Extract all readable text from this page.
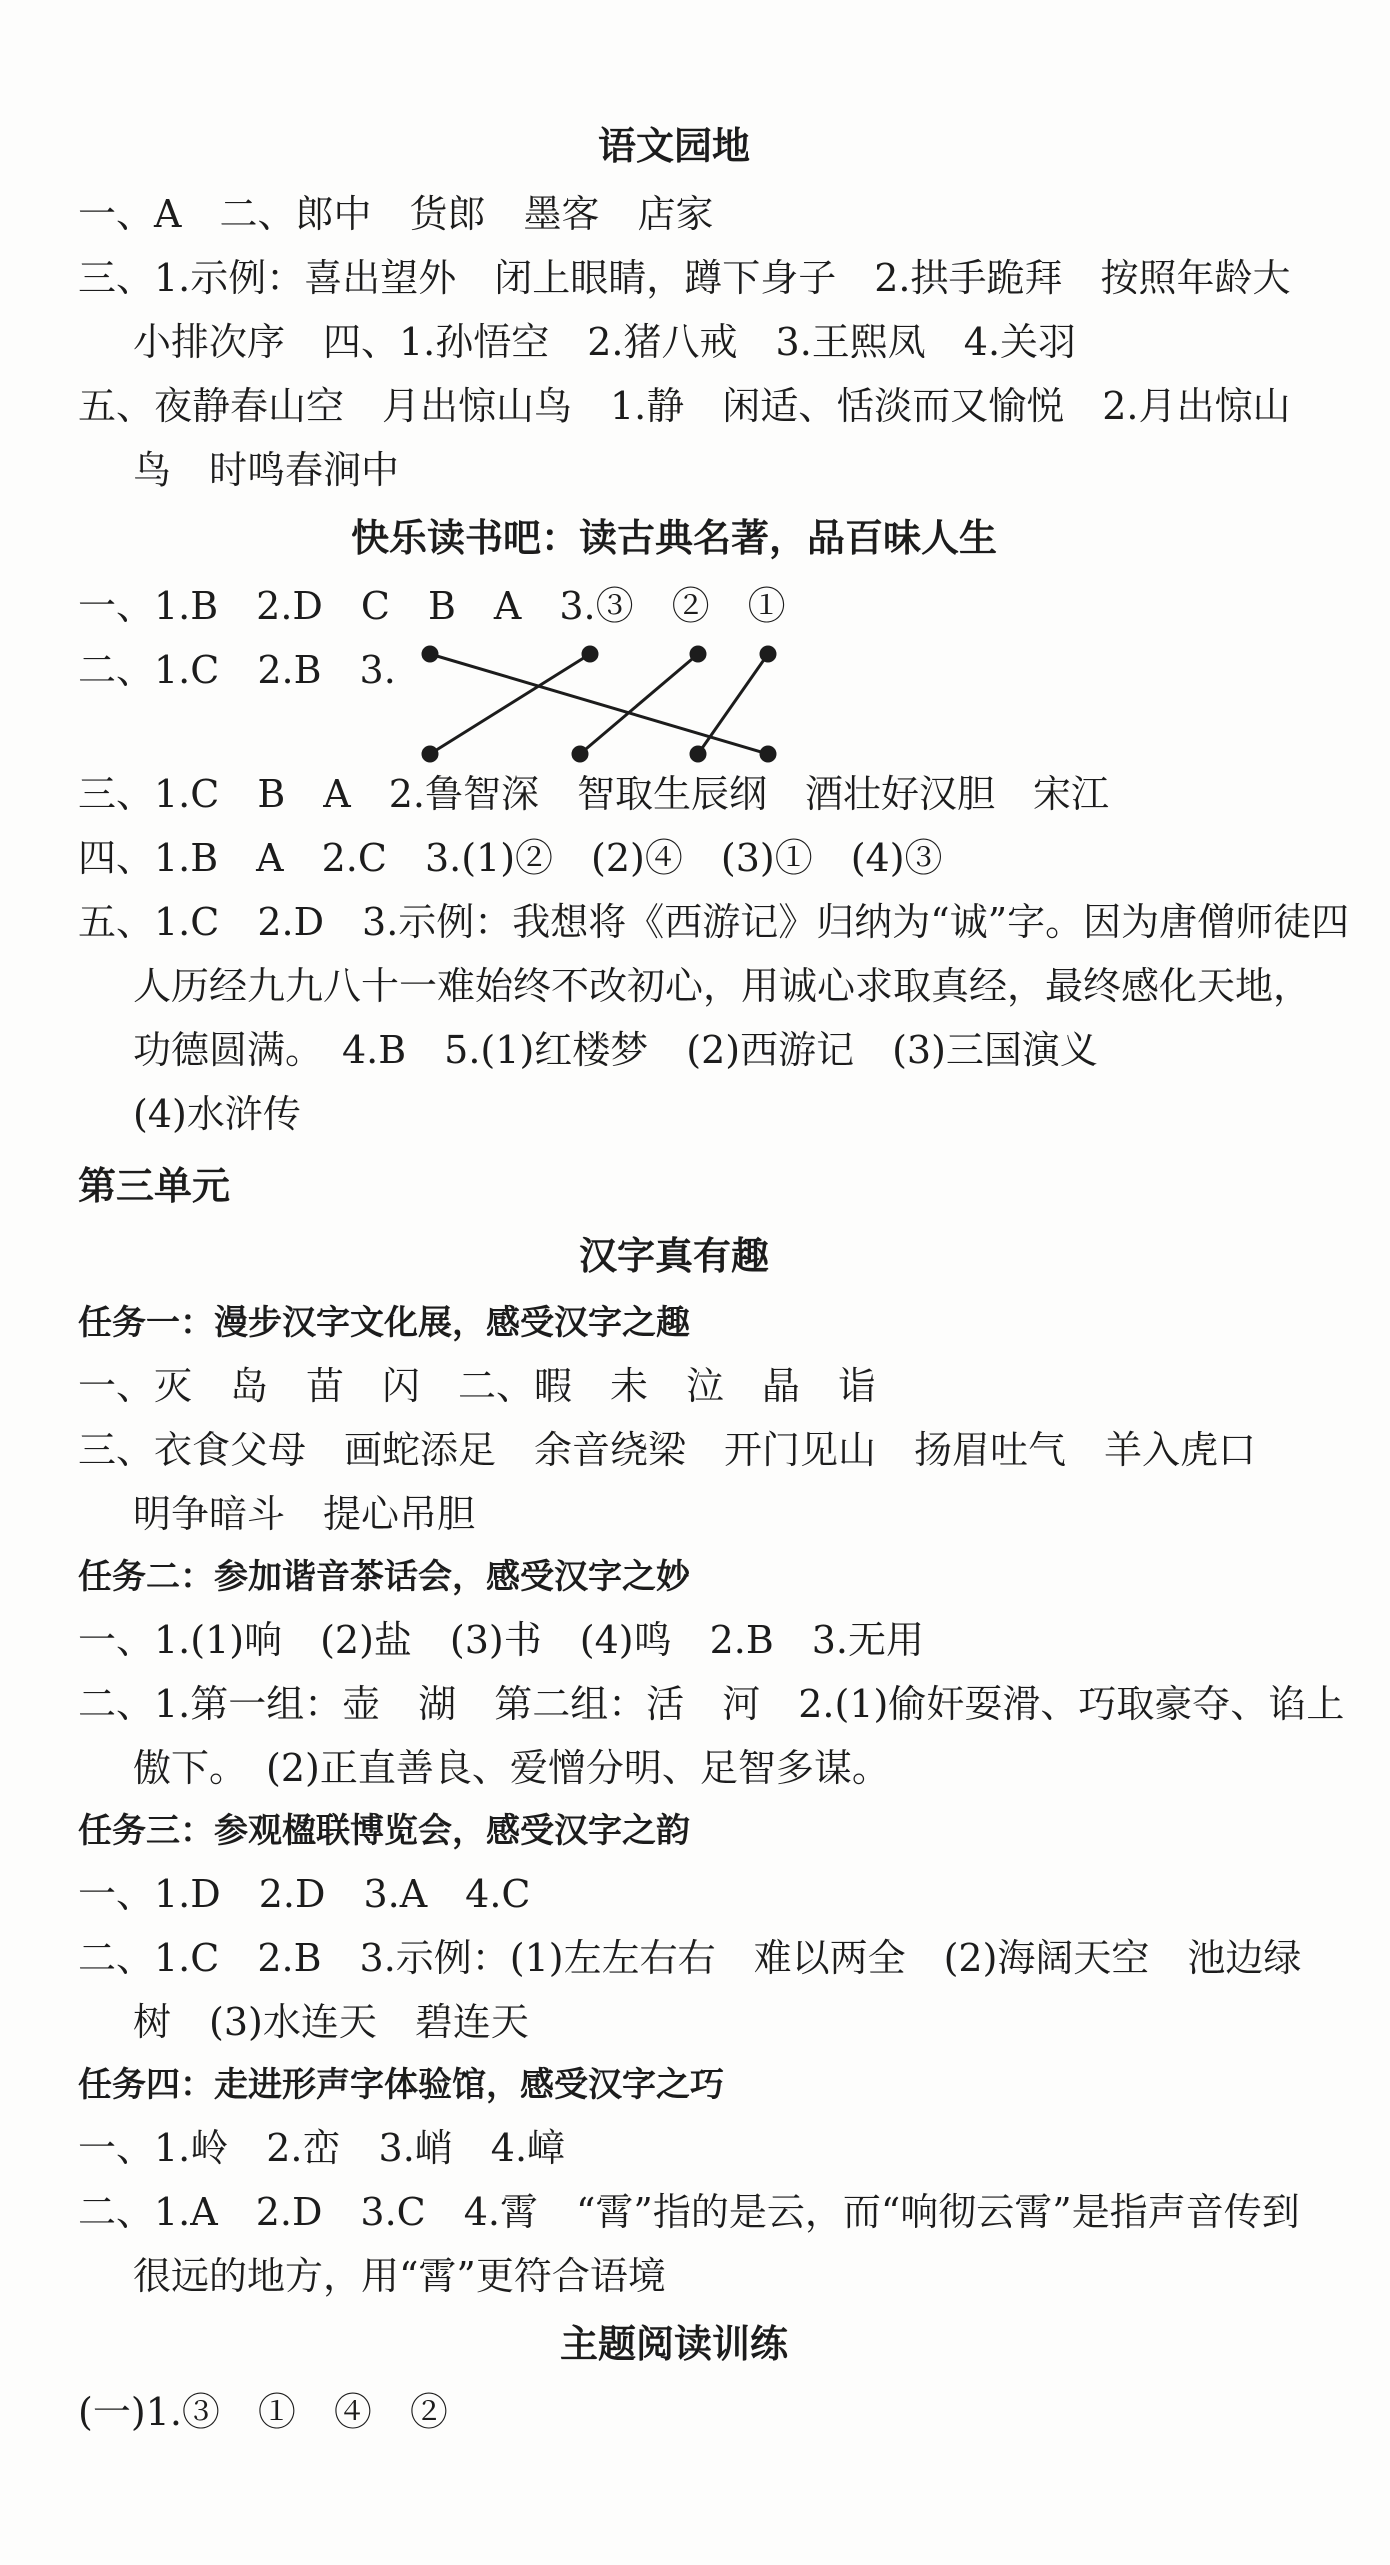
语文园地
一、A　二、郎中　货郎　墨客　店家
三、1.示例：喜出望外　闭上眼睛，蹲下身子　2.拱手跪拜　按照年龄大
小排次序　四、1.孙悟空　2.猪八戒　3.王熙凤　4.关羽
五、夜静春山空　月出惊山鸟　1.静　闲适、恬淡而又愉悦　2.月出惊山
鸟　时鸣春涧中
快乐读书吧：读古典名著，品百味人生
一、1.B　2.D　C　B　A　3.③　②　①
二、1.C　2.B　3.
三、1.C　B　A　2.鲁智深　智取生辰纲　酒壮好汉胆　宋江
四、1.B　A　2.C　3.(1)②　(2)④　(3)①　(4)③
五、1.C　2.D　3.示例：我想将《西游记》归纳为“诚”字。因为唐僧师徒四
人历经九九八十一难始终不改初心，用诚心求取真经，最终感化天地，
功德圆满。　4.B　5.(1)红楼梦　(2)西游记　(3)三国演义
(4)水浒传
第三单元
汉字真有趣
任务一：漫步汉字文化展，感受汉字之趣
一、灭　岛　苗　闪　二、暇　未　泣　晶　诣
三、衣食父母　画蛇添足　余音绕梁　开门见山　扬眉吐气　羊入虎口
明争暗斗　提心吊胆
任务二：参加谐音茶话会，感受汉字之妙
一、1.(1)响　(2)盐　(3)书　(4)鸣　2.B　3.无用
二、1.第一组：壶　湖　第二组：活　河　2.(1)偷奸耍滑、巧取豪夺、谄上
傲下。　(2)正直善良、爱憎分明、足智多谋。
任务三：参观楹联博览会，感受汉字之韵
一、1.D　2.D　3.A　4.C
二、1.C　2.B　3.示例：(1)左左右右　难以两全　(2)海阔天空　池边绿
树　(3)水连天　碧连天
任务四：走进形声字体验馆，感受汉字之巧
一、1.岭　2.峦　3.峭　4.嶂
二、1.A　2.D　3.C　4.霄　“霄”指的是云，而“响彻云霄”是指声音传到
很远的地方，用“霄”更符合语境
主题阅读训练
(一)1.③　①　④　②
